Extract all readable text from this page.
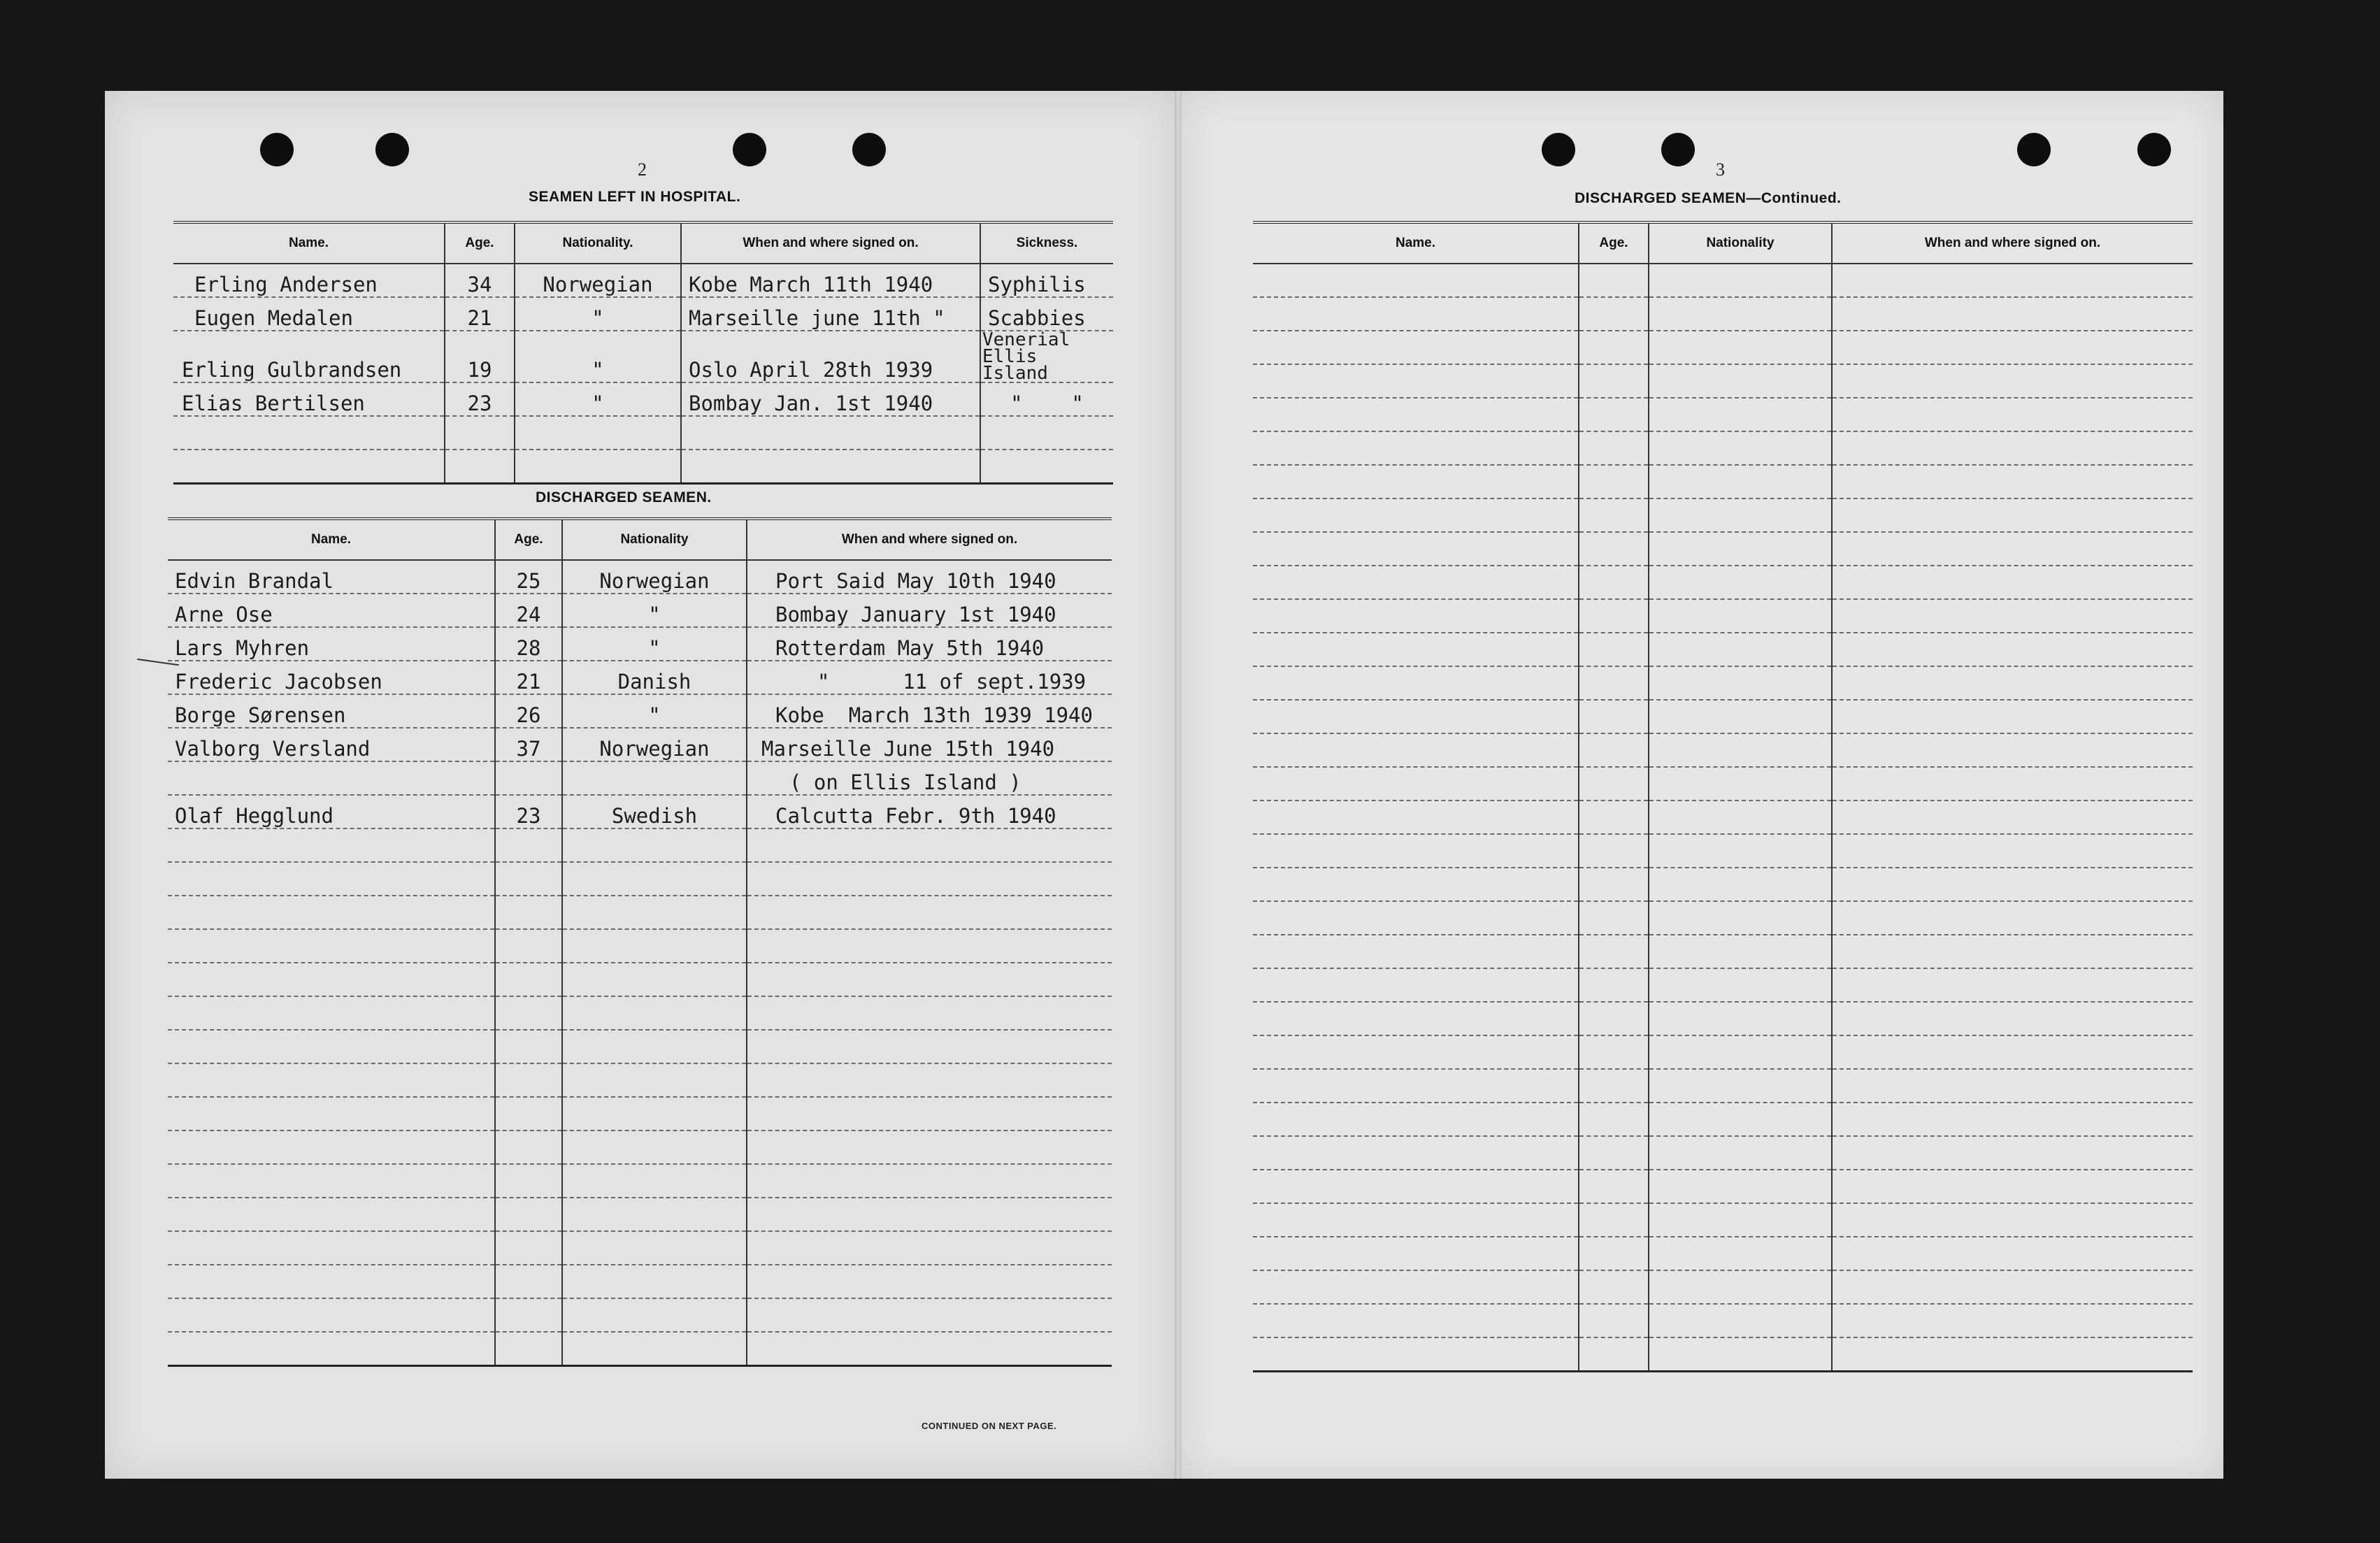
2	3
SEAMEN LEFT IN HOSPITAL.
Name.	Age.	Nationality.	When and where signed on.	Sickness.
Erling Andersen	34	Norwegian	Kobe March 11th 1940	Syphilis
Eugen Medalen	21	"	Marseille june 11th "	Scabbies
Erling Gulbrandsen	19	"	Oslo April 28th 1939	Venerial Ellis Island
Elias Bertilsen	23	"	Bombay Jan. 1st 1940	"    "

DISCHARGED SEAMEN.
Name.	Age.	Nationality	When and where signed on.
Edvin Brandal	25	Norwegian	Port Said May 10th 1940
Arne Ose	24	"	Bombay January 1st 1940
Lars Myhren	28	"	Rotterdam May 5th 1940
Frederic Jacobsen	21	Danish	"      11 of sept.1939
Borge Sørensen	26	"	Kobe  March 13th 1939 1940
Valborg Versland	37	Norwegian	Marseille June 15th 1940
			( on Ellis Island )
Olaf Hegglund	23	Swedish	Calcutta Febr. 9th 1940

CONTINUED ON NEXT PAGE.
DISCHARGED SEAMEN—Continued.
Name.	Age.	Nationality	When and where signed on.
